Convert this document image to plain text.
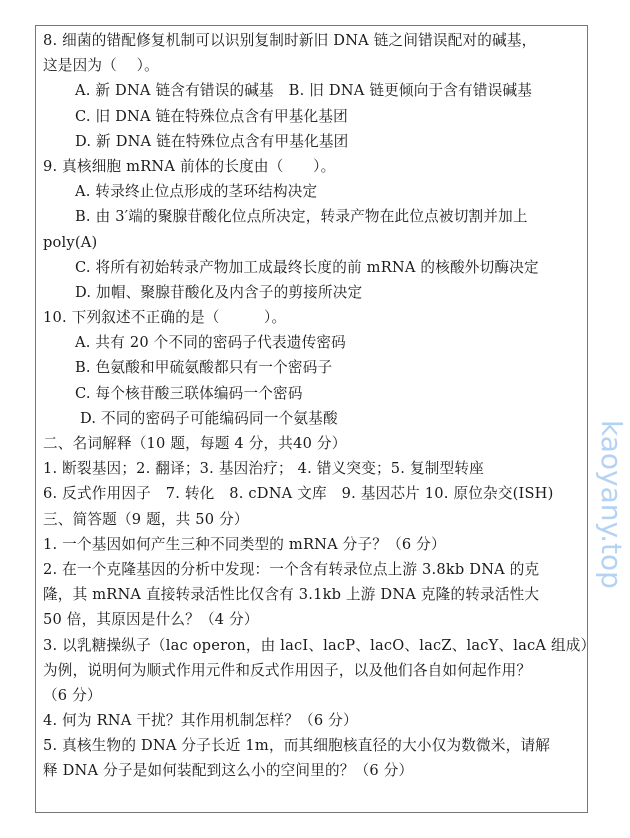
8. 细菌的错配修复机制可以识别复制时新旧 DNA 链之间错误配对的碱基，
这是因为（　 ）。
A. 新 DNA 链含有错误的碱基　B. 旧 DNA 链更倾向于含有错误碱基
C. 旧 DNA 链在特殊位点含有甲基化基团
D. 新 DNA 链在特殊位点含有甲基化基团
9. 真核细胞 mRNA 前体的长度由（　　）。
A. 转录终止位点形成的茎环结构决定
B. 由 3′端的聚腺苷酸化位点所决定，转录产物在此位点被切割并加上
poly(A)
C. 将所有初始转录产物加工成最终长度的前 mRNA 的核酸外切酶决定
D. 加帽、聚腺苷酸化及内含子的剪接所决定
10. 下列叙述不正确的是（　　　）。
A. 共有 20 个不同的密码子代表遗传密码
B. 色氨酸和甲硫氨酸都只有一个密码子
C. 每个核苷酸三联体编码一个密码
D. 不同的密码子可能编码同一个氨基酸
二、名词解释（10 题，每题 4 分，共40 分）
1. 断裂基因；2. 翻译；3. 基因治疗； 4. 错义突变；5. 复制型转座
6. 反式作用因子　7. 转化　8. cDNA 文库　9. 基因芯片 10. 原位杂交(ISH)
三、简答题（9 题，共 50 分）
1. 一个基因如何产生三种不同类型的 mRNA 分子？（6 分）
2. 在一个克隆基因的分析中发现：一个含有转录位点上游 3.8kb DNA 的克
隆，其 mRNA 直接转录活性比仅含有 3.1kb 上游 DNA 克隆的转录活性大
50 倍，其原因是什么？（4 分）
3. 以乳糖操纵子（lac operon，由 lacI、lacP、lacO、lacZ、lacY、lacA 组成）
为例，说明何为顺式作用元件和反式作用因子，以及他们各自如何起作用？
（6 分）
4. 何为 RNA 干扰？其作用机制怎样？（6 分）
5. 真核生物的 DNA 分子长近 1m，而其细胞核直径的大小仅为数微米，请解
释 DNA 分子是如何装配到这么小的空间里的？（6 分）
kaoyany.top
